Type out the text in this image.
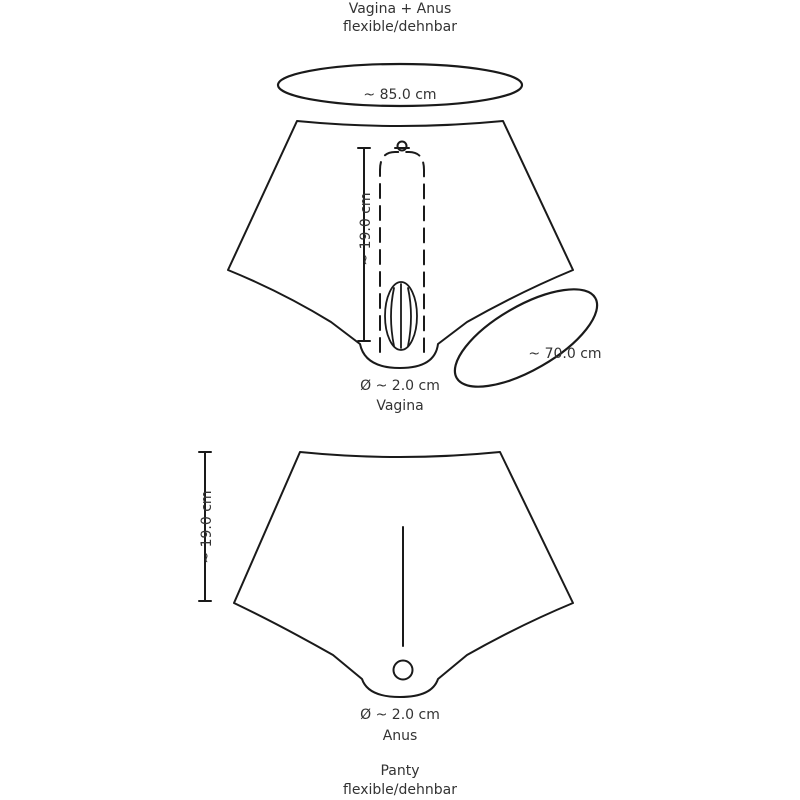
Vagina + Anus
flexible/dehnbar
~ 85.0 cm
~ 19.0 cm
~ 70.0 cm
Ø ~ 2.0 cm
Vagina
~ 19.0 cm
Ø ~ 2.0 cm
Anus
Panty
flexible/dehnbar
